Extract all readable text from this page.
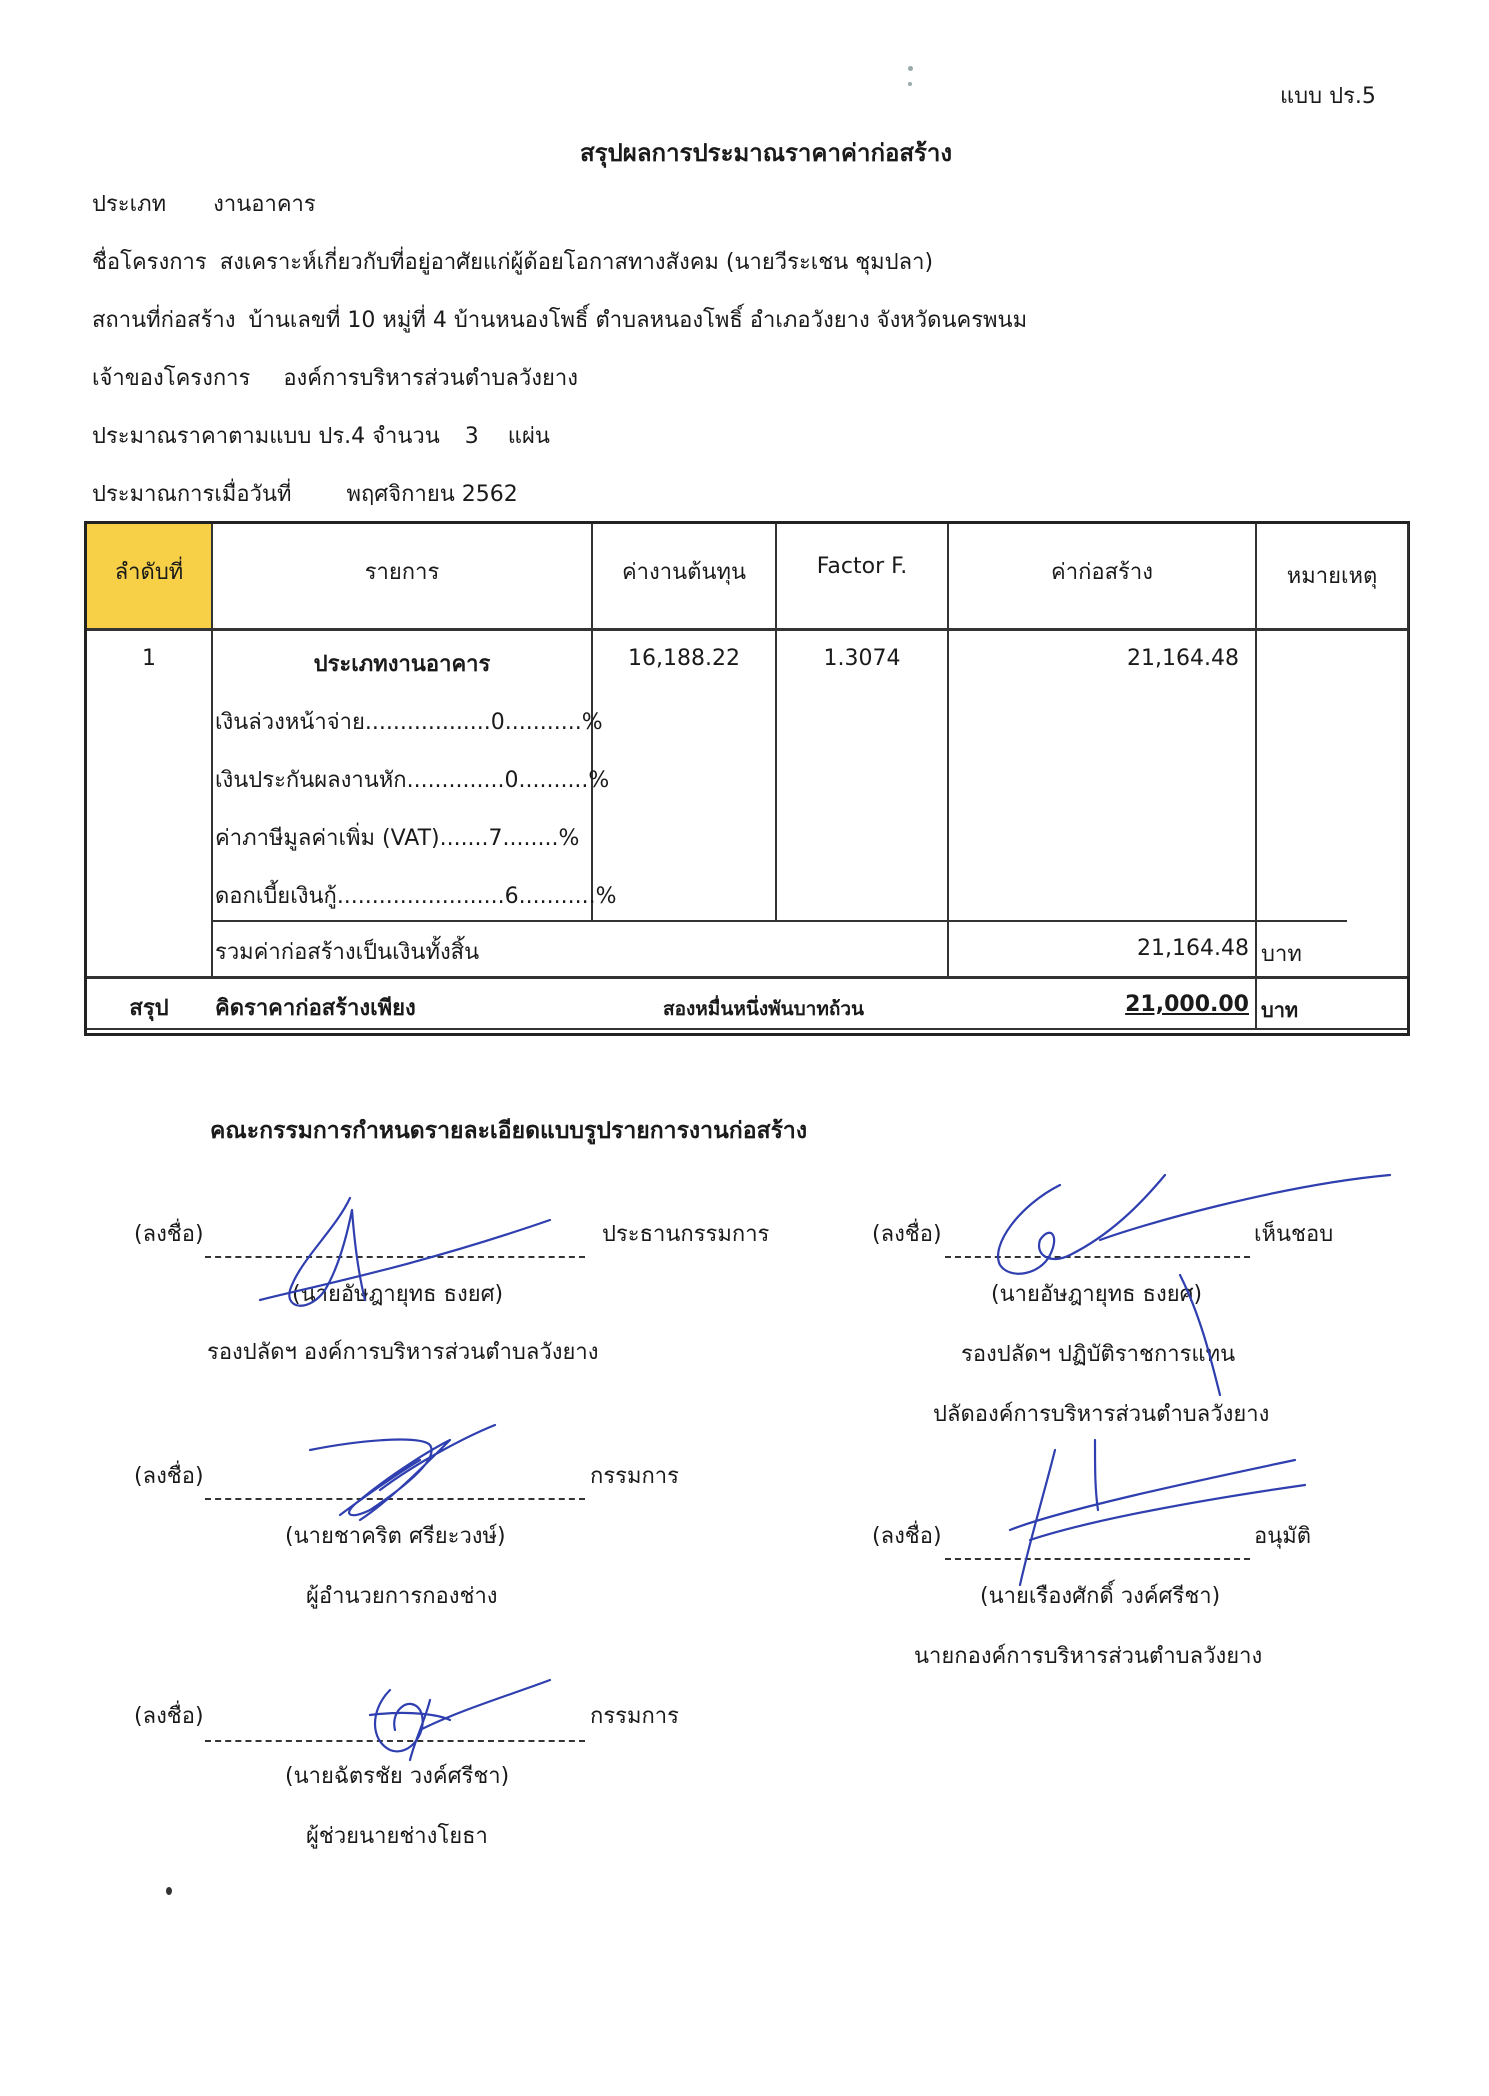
แบบ ปร.5
สรุปผลการประมาณราคาค่าก่อสร้าง
ประเภท งานอาคาร
ชื่อโครงการ สงเคราะห์เกี่ยวกับที่อยู่อาศัยแก่ผู้ด้อยโอกาสทางสังคม (นายวีระเชน ชุมปลา)
สถานที่ก่อสร้าง บ้านเลขที่ 10 หมู่ที่ 4 บ้านหนองโพธิ์ ตำบลหนองโพธิ์ อำเภอวังยาง จังหวัดนครพนม
เจ้าของโครงการ องค์การบริหารส่วนตำบลวังยาง
ประมาณราคาตามแบบ ปร.4 จำนวน 3 แผ่น
ประมาณการเมื่อวันที่	พฤศจิกายน 2562
ลำดับที่	รายการ	ค่างานต้นทุน	Factor F.	ค่าก่อสร้าง	หมายเหตุ
1	ประเภทงานอาคาร	16,188.22	1.3074	21,164.48
เงินล่วงหน้าจ่าย..................0...........%
เงินประกันผลงานหัก..............0..........%
ค่าภาษีมูลค่าเพิ่ม (VAT).......7........%
ดอกเบี้ยเงินกู้........................6...........%
รวมค่าก่อสร้างเป็นเงินทั้งสิ้น	21,164.48 บาท
สรุป	คิดราคาก่อสร้างเพียง	สองหมื่นหนึ่งพันบาทถ้วน	21,000.00 บาท
คณะกรรมการกำหนดรายละเอียดแบบรูปรายการงานก่อสร้าง
(ลงชื่อ)	ประธานกรรมการ
(นายอัษฎายุทธ ธงยศ)
รองปลัดฯ องค์การบริหารส่วนตำบลวังยาง
(ลงชื่อ)	กรรมการ
(นายชาคริต ศรียะวงษ์)
ผู้อำนวยการกองช่าง
(ลงชื่อ)	กรรมการ
(นายฉัตรชัย วงค์ศรีชา)
ผู้ช่วยนายช่างโยธา
(ลงชื่อ)	เห็นชอบ
(นายอัษฎายุทธ ธงยศ)
รองปลัดฯ ปฏิบัติราชการแทน
ปลัดองค์การบริหารส่วนตำบลวังยาง
(ลงชื่อ)	อนุมัติ
(นายเรืองศักดิ์ วงค์ศรีชา)
นายกองค์การบริหารส่วนตำบลวังยาง
